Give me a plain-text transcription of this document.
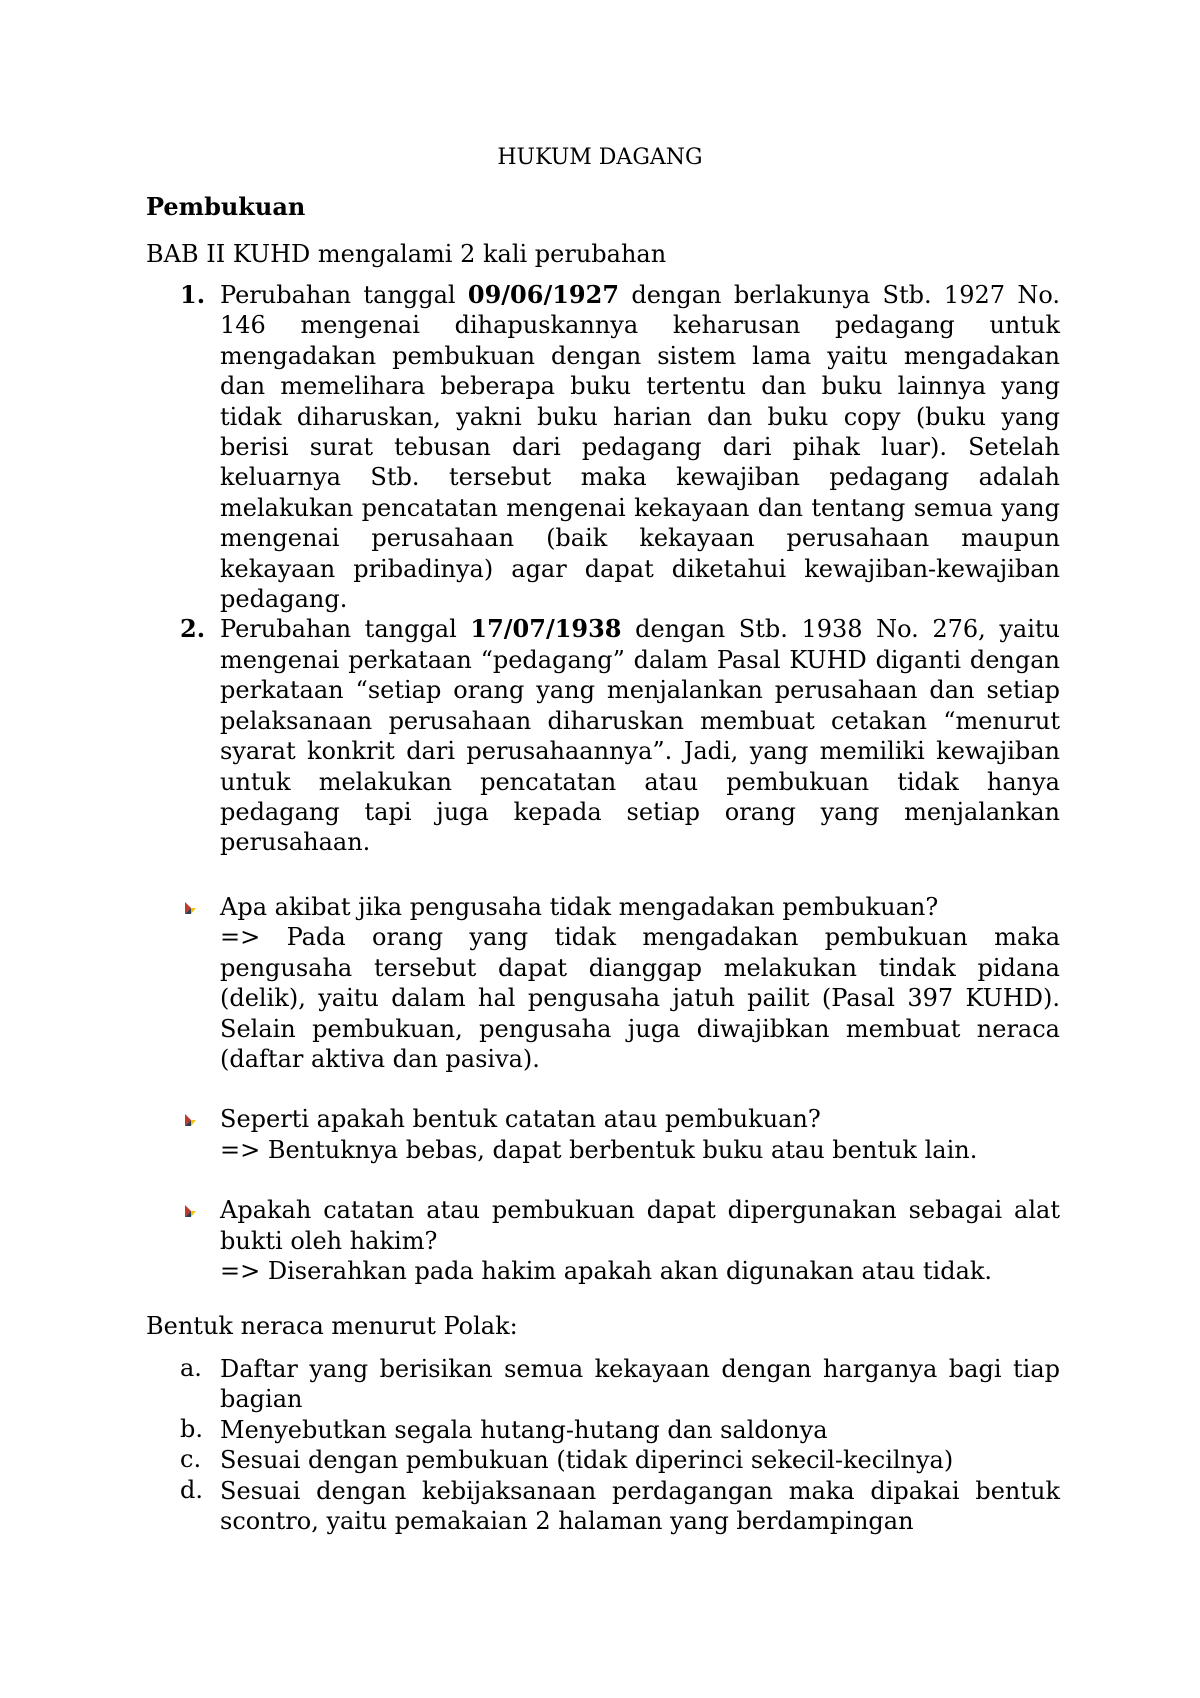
HUKUM DAGANG
Pembukuan

BAB II KUHD mengalami 2 kali perubahan

1. Perubahan tanggal 09/06/1927 dengan berlakunya Stb. 1927 No. 146 mengenai dihapuskannya keharusan pedagang untuk mengadakan pembukuan dengan sistem lama yaitu mengadakan dan memelihara beberapa buku tertentu dan buku lainnya yang tidak diharuskan, yakni buku harian dan buku copy (buku yang berisi surat tebusan dari pedagang dari pihak luar). Setelah keluarnya Stb. tersebut maka kewajiban pedagang adalah melakukan pencatatan mengenai kekayaan dan tentang semua yang mengenai perusahaan (baik kekayaan perusahaan maupun kekayaan pribadinya) agar dapat diketahui kewajiban-kewajiban pedagang.
2. Perubahan tanggal 17/07/1938 dengan Stb. 1938 No. 276, yaitu mengenai perkataan “pedagang” dalam Pasal KUHD diganti dengan perkataan “setiap orang yang menjalankan perusahaan dan setiap pelaksanaan perusahaan diharuskan membuat cetakan “menurut syarat konkrit dari perusahaannya”. Jadi, yang memiliki kewajiban untuk melakukan pencatatan atau pembukuan tidak hanya pedagang tapi juga kepada setiap orang yang menjalankan perusahaan.
Apa akibat jika pengusaha tidak mengadakan pembukuan?
=> Pada orang yang tidak mengadakan pembukuan maka pengusaha tersebut dapat dianggap melakukan tindak pidana (delik), yaitu dalam hal pengusaha jatuh pailit (Pasal 397 KUHD). Selain pembukuan, pengusaha juga diwajibkan membuat neraca (daftar aktiva dan pasiva).
Seperti apakah bentuk catatan atau pembukuan?
=> Bentuknya bebas, dapat berbentuk buku atau bentuk lain.
Apakah catatan atau pembukuan dapat dipergunakan sebagai alat bukti oleh hakim?
=> Diserahkan pada hakim apakah akan digunakan atau tidak.

Bentuk neraca menurut Polak:

a. Daftar yang berisikan semua kekayaan dengan harganya bagi tiap bagian
b. Menyebutkan segala hutang-hutang dan saldonya
c. Sesuai dengan pembukuan (tidak diperinci sekecil-kecilnya)
d. Sesuai dengan kebijaksanaan perdagangan maka dipakai bentuk scontro, yaitu pemakaian 2 halaman yang berdampingan
